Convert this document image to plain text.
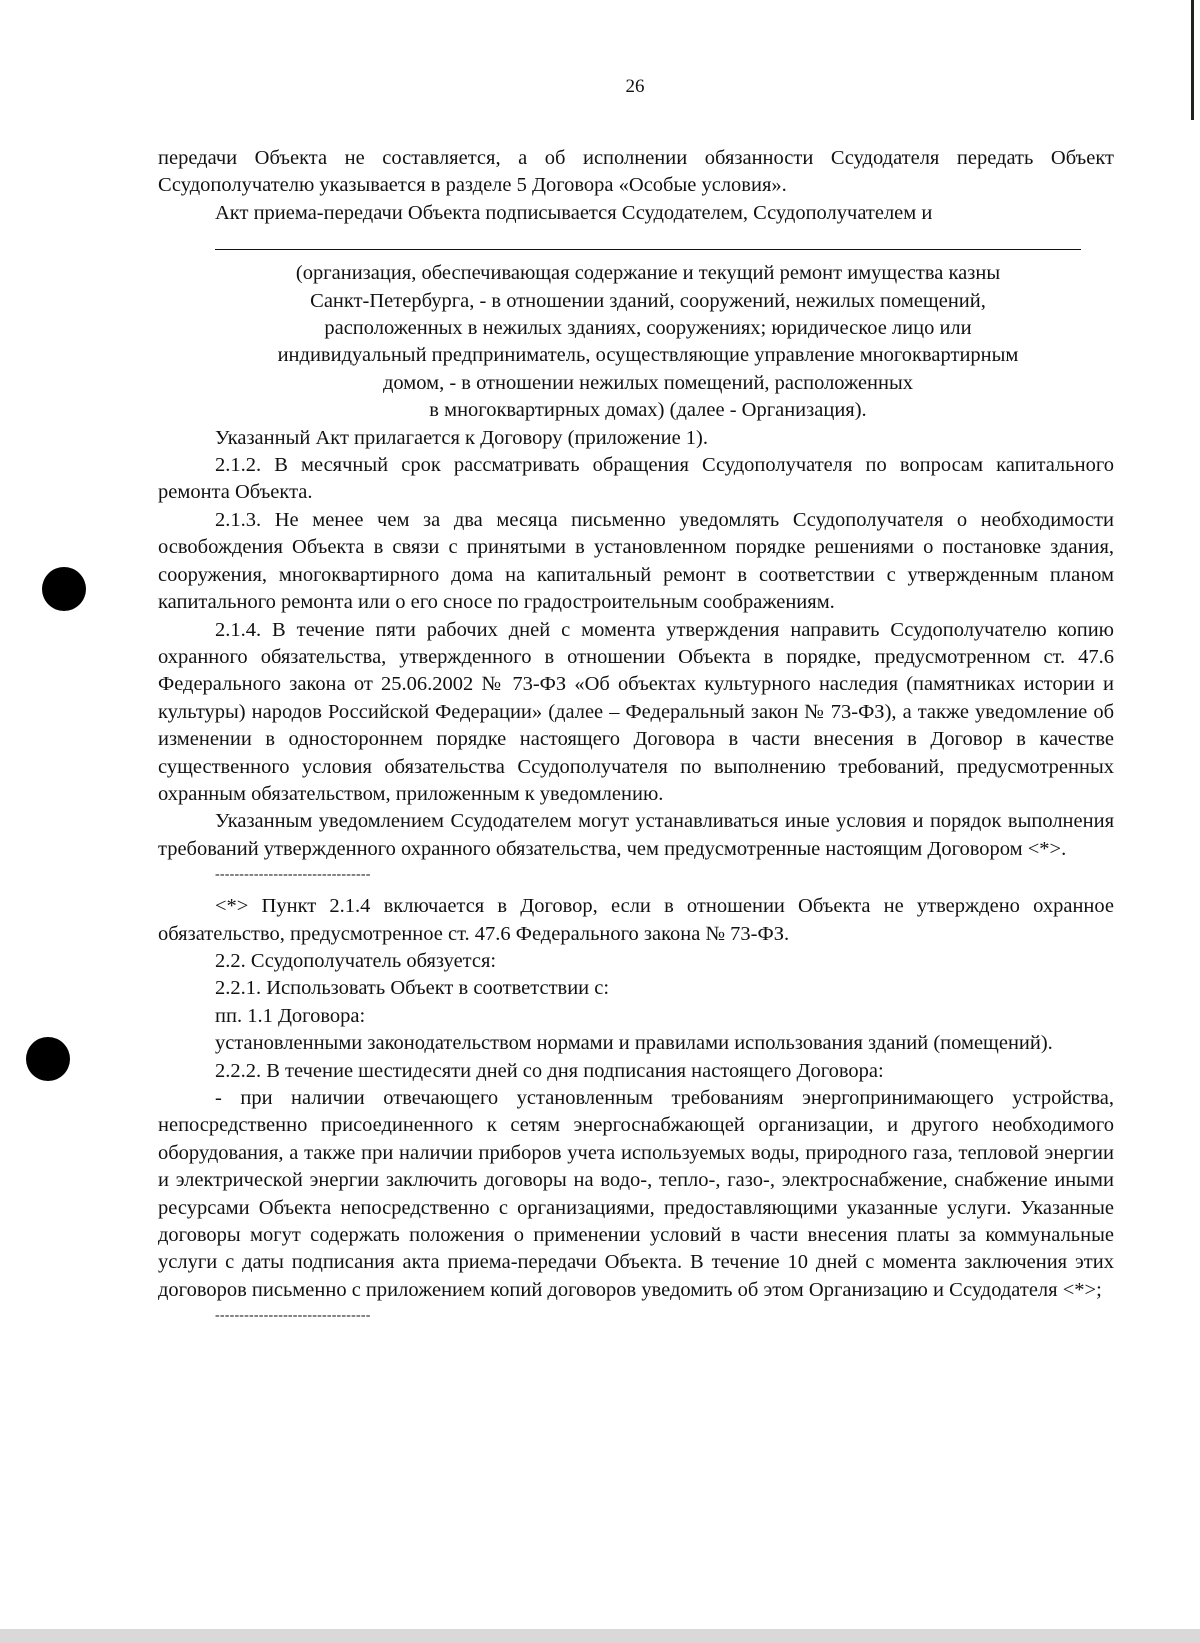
26

передачи Объекта не составляется, а об исполнении обязанности Ссудодателя передать Объект Ссудополучателю указывается в разделе 5 Договора «Особые условия».

Акт приема-передачи Объекта подписывается Ссудодателем, Ссудополучателем и

(организация, обеспечивающая содержание и текущий ремонт имущества казны
Санкт-Петербурга, - в отношении зданий, сооружений, нежилых помещений,
расположенных в нежилых зданиях, сооружениях; юридическое лицо или
индивидуальный предприниматель, осуществляющие управление многоквартирным
домом, - в отношении нежилых помещений, расположенных
в многоквартирных домах) (далее - Организация).

Указанный Акт прилагается к Договору (приложение 1).

2.1.2. В месячный срок рассматривать обращения Ссудополучателя по вопросам капитального ремонта Объекта.

2.1.3. Не менее чем за два месяца письменно уведомлять Ссудополучателя о необходимости освобождения Объекта в связи с принятыми в установленном порядке решениями о постановке здания, сооружения, многоквартирного дома на капитальный ремонт в соответствии с утвержденным планом капитального ремонта или о его сносе по градостроительным соображениям.

2.1.4. В течение пяти рабочих дней с момента утверждения направить Ссудополучателю копию охранного обязательства, утвержденного в отношении Объекта в порядке, предусмотренном ст. 47.6 Федерального закона от 25.06.2002 № 73-ФЗ «Об объектах культурного наследия (памятниках истории и культуры) народов Российской Федерации» (далее – Федеральный закон № 73-ФЗ), а также уведомление об изменении в одностороннем порядке настоящего Договора в части внесения в Договор в качестве существенного условия обязательства Ссудополучателя по выполнению требований, предусмотренных охранным обязательством, приложенным к уведомлению.

Указанным уведомлением Ссудодателем могут устанавливаться иные условия и порядок выполнения требований утвержденного охранного обязательства, чем предусмотренные настоящим Договором <*>.

--------------------------------

<*> Пункт 2.1.4 включается в Договор, если в отношении Объекта не утверждено охранное обязательство, предусмотренное ст. 47.6 Федерального закона № 73-ФЗ.

2.2. Ссудополучатель обязуется:

2.2.1. Использовать Объект в соответствии с:

пп. 1.1 Договора:

установленными законодательством нормами и правилами использования зданий (помещений).

2.2.2. В течение шестидесяти дней со дня подписания настоящего Договора:

- при наличии отвечающего установленным требованиям энергопринимающего устройства, непосредственно присоединенного к сетям энергоснабжающей организации, и другого необходимого оборудования, а также при наличии приборов учета используемых воды, природного газа, тепловой энергии и электрической энергии заключить договоры на водо-, тепло-, газо-, электроснабжение, снабжение иными ресурсами Объекта непосредственно с организациями, предоставляющими указанные услуги. Указанные договоры могут содержать положения о применении условий в части внесения платы за коммунальные услуги с даты подписания акта приема-передачи Объекта. В течение 10 дней с момента заключения этих договоров письменно с приложением копий договоров уведомить об этом Организацию и Ссудодателя <*>;

--------------------------------
